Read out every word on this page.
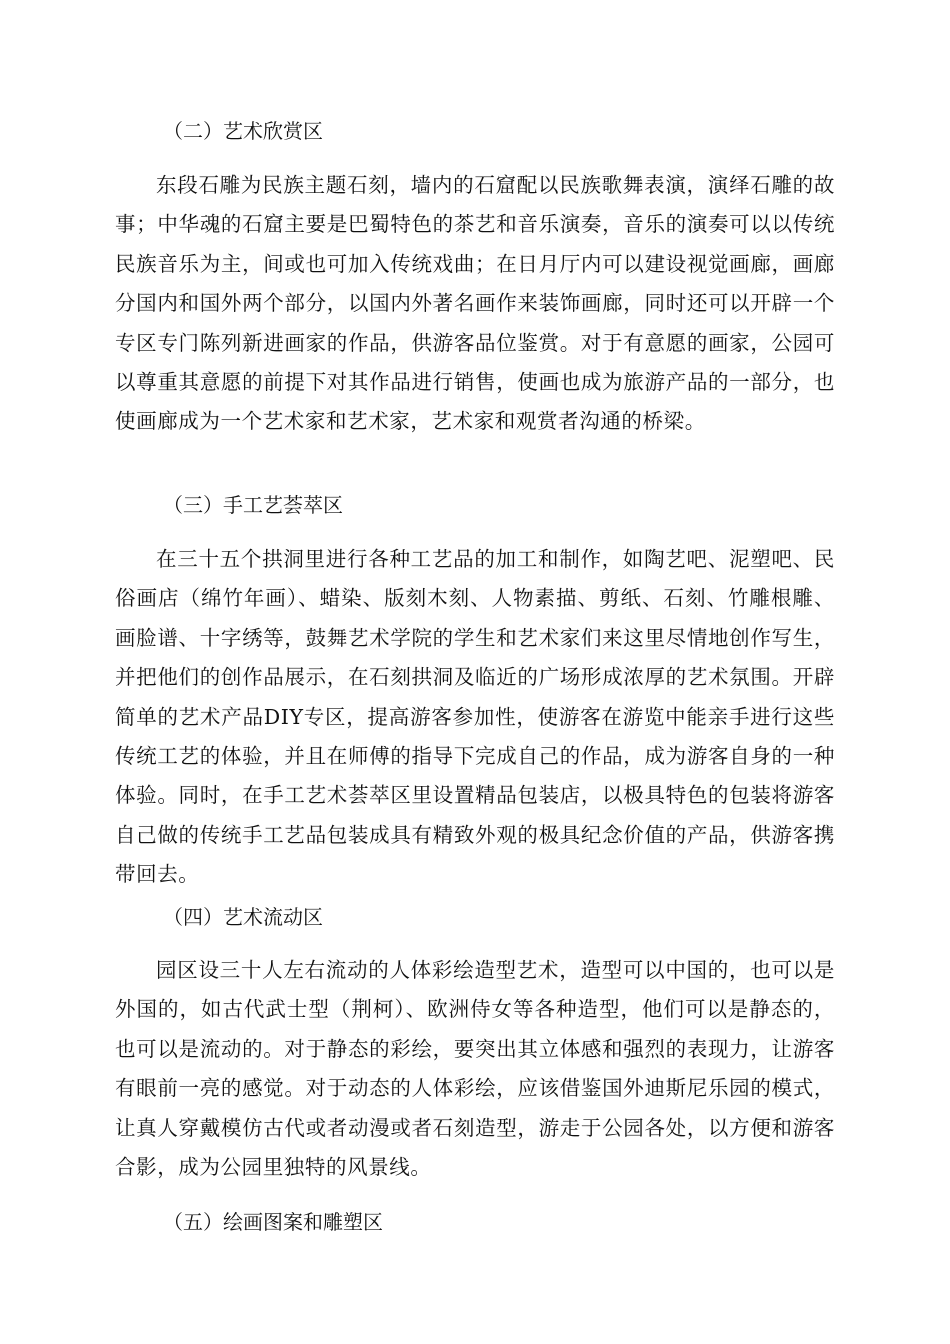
（二）艺术欣赏区

东段石雕为民族主题石刻，墙内的石窟配以民族歌舞表演，演绎石雕的故事；中华魂的石窟主要是巴蜀特色的茶艺和音乐演奏，音乐的演奏可以以传统民族音乐为主，间或也可加入传统戏曲；在日月厅内可以建设视觉画廊，画廊分国内和国外两个部分，以国内外著名画作来装饰画廊，同时还可以开辟一个专区专门陈列新进画家的作品，供游客品位鉴赏。对于有意愿的画家，公园可以尊重其意愿的前提下对其作品进行销售，使画也成为旅游产品的一部分，也使画廊成为一个艺术家和艺术家，艺术家和观赏者沟通的桥梁。

（三）手工艺荟萃区

在三十五个拱洞里进行各种工艺品的加工和制作，如陶艺吧、泥塑吧、民俗画店（绵竹年画）、蜡染、版刻木刻、人物素描、剪纸、石刻、竹雕根雕、画脸谱、十字绣等，鼓舞艺术学院的学生和艺术家们来这里尽情地创作写生，并把他们的创作品展示，在石刻拱洞及临近的广场形成浓厚的艺术氛围。开辟简单的艺术产品DIY专区，提高游客参加性，使游客在游览中能亲手进行这些传统工艺的体验，并且在师傅的指导下完成自己的作品，成为游客自身的一种体验。同时，在手工艺术荟萃区里设置精品包装店，以极具特色的包装将游客自己做的传统手工艺品包装成具有精致外观的极具纪念价值的产品，供游客携带回去。

（四）艺术流动区

园区设三十人左右流动的人体彩绘造型艺术，造型可以中国的，也可以是外国的，如古代武士型（荆柯）、欧洲侍女等各种造型，他们可以是静态的，也可以是流动的。对于静态的彩绘，要突出其立体感和强烈的表现力，让游客有眼前一亮的感觉。对于动态的人体彩绘，应该借鉴国外迪斯尼乐园的模式，让真人穿戴模仿古代或者动漫或者石刻造型，游走于公园各处，以方便和游客合影，成为公园里独特的风景线。

（五）绘画图案和雕塑区
